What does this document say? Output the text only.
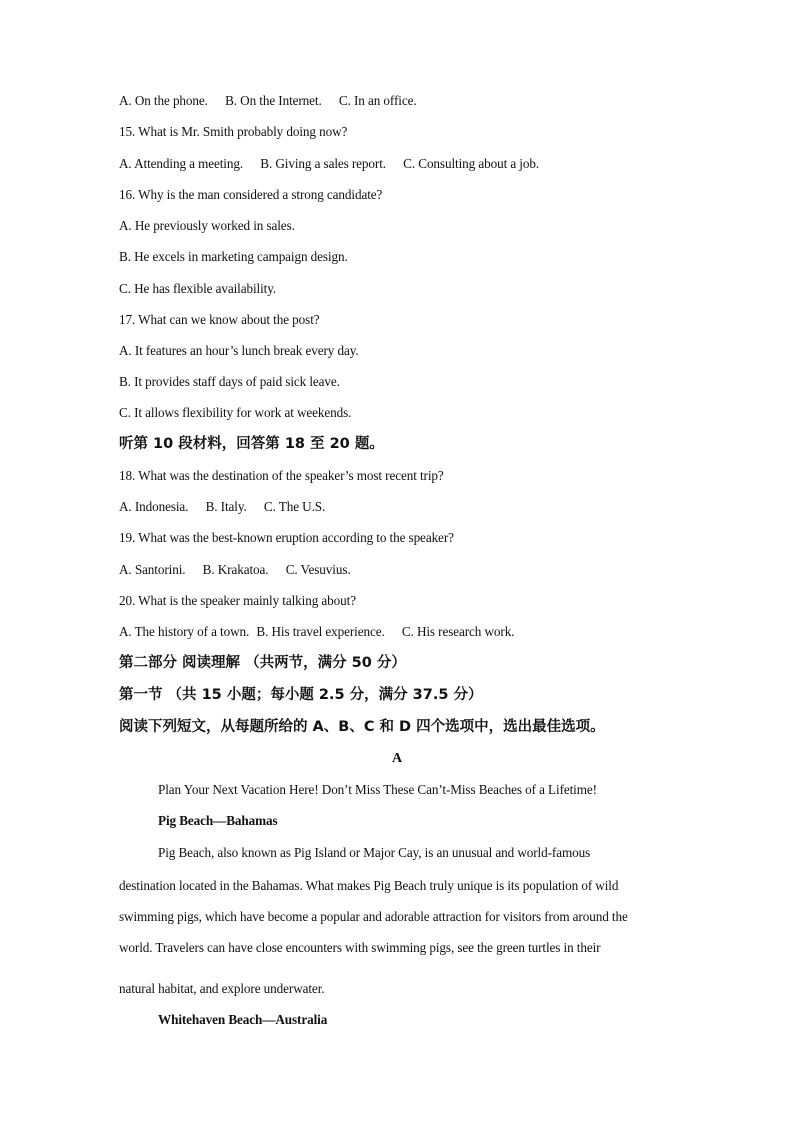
A. On the phone. B. On the Internet. C. In an office.
15. What is Mr. Smith probably doing now?
A. Attending a meeting. B. Giving a sales report. C. Consulting about a job.
16. Why is the man considered a strong candidate?
A. He previously worked in sales.
B. He excels in marketing campaign design.
C. He has flexible availability.
17. What can we know about the post?
A. It features an hour’s lunch break every day.
B. It provides staff days of paid sick leave.
C. It allows flexibility for work at weekends.
听第 10 段材料，回答第 18 至 20 题。
18. What was the destination of the speaker’s most recent trip?
A. Indonesia. B. Italy. C. The U.S.
19. What was the best-known eruption according to the speaker?
A. Santorini. B. Krakatoa. C. Vesuvius.
20. What is the speaker mainly talking about?
A. The history of a town. B. His travel experience. C. His research work.
第二部分 阅读理解 （共两节，满分 50 分）
第一节 （共 15 小题；每小题 2.5 分，满分 37.5 分）
阅读下列短文，从每题所给的 A、B、C 和 D 四个选项中，选出最佳选项。
A
Plan Your Next Vacation Here! Don’t Miss These Can’t-Miss Beaches of a Lifetime!
Pig Beach—Bahamas
Pig Beach, also known as Pig Island or Major Cay, is an unusual and world-famous
destination located in the Bahamas. What makes Pig Beach truly unique is its population of wild
swimming pigs, which have become a popular and adorable attraction for visitors from around the
world. Travelers can have close encounters with swimming pigs, see the green turtles in their
natural habitat, and explore underwater.
Whitehaven Beach—Australia
